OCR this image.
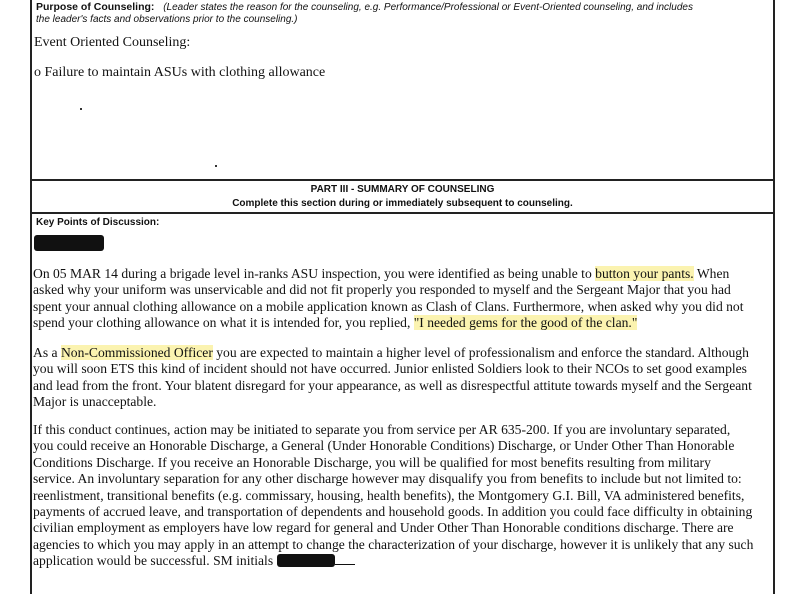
Purpose of Counseling: (Leader states the reason for the counseling, e.g. Performance/Professional or Event-Oriented counseling, and includes
the leader's facts and observations prior to the counseling.)
Event Oriented Counseling:
o Failure to maintain ASUs with clothing allowance
PART III - SUMMARY OF COUNSELING
Complete this section during or immediately subsequent to counseling.
Key Points of Discussion:
On 05 MAR 14 during a brigade level in-ranks ASU inspection, you were identified as being unable to button your pants. When
asked why your uniform was unservicable and did not fit properly you responded to myself and the Sergeant Major that you had
spent your annual clothing allowance on a mobile application known as Clash of Clans. Furthermore, when asked why you did not
spend your clothing allowance on what it is intended for, you replied, "I needed gems for the good of the clan."
As a Non-Commissioned Officer you are expected to maintain a higher level of professionalism and enforce the standard. Although
you will soon ETS this kind of incident should not have occurred. Junior enlisted Soldiers look to their NCOs to set good examples
and lead from the front. Your blatent disregard for your appearance, as well as disrespectful attitute towards myself and the Sergeant
Major is unacceptable.
If this conduct continues, action may be initiated to separate you from service per AR 635-200. If you are involuntary separated,
you could receive an Honorable Discharge, a General (Under Honorable Conditions) Discharge, or Under Other Than Honorable
Conditions Discharge. If you receive an Honorable Discharge, you will be qualified for most benefits resulting from military
service. An involuntary separation for any other discharge however may disqualify you from benefits to include but not limited to:
reenlistment, transitional benefits (e.g. commissary, housing, health benefits), the Montgomery G.I. Bill, VA administered benefits,
payments of accrued leave, and transportation of dependents and household goods. In addition you could face difficulty in obtaining
civilian employment as employers have low regard for general and Under Other Than Honorable conditions discharge. There are
agencies to which you may apply in an attempt to change the characterization of your discharge, however it is unlikely that any such
application would be successful. SM initials
